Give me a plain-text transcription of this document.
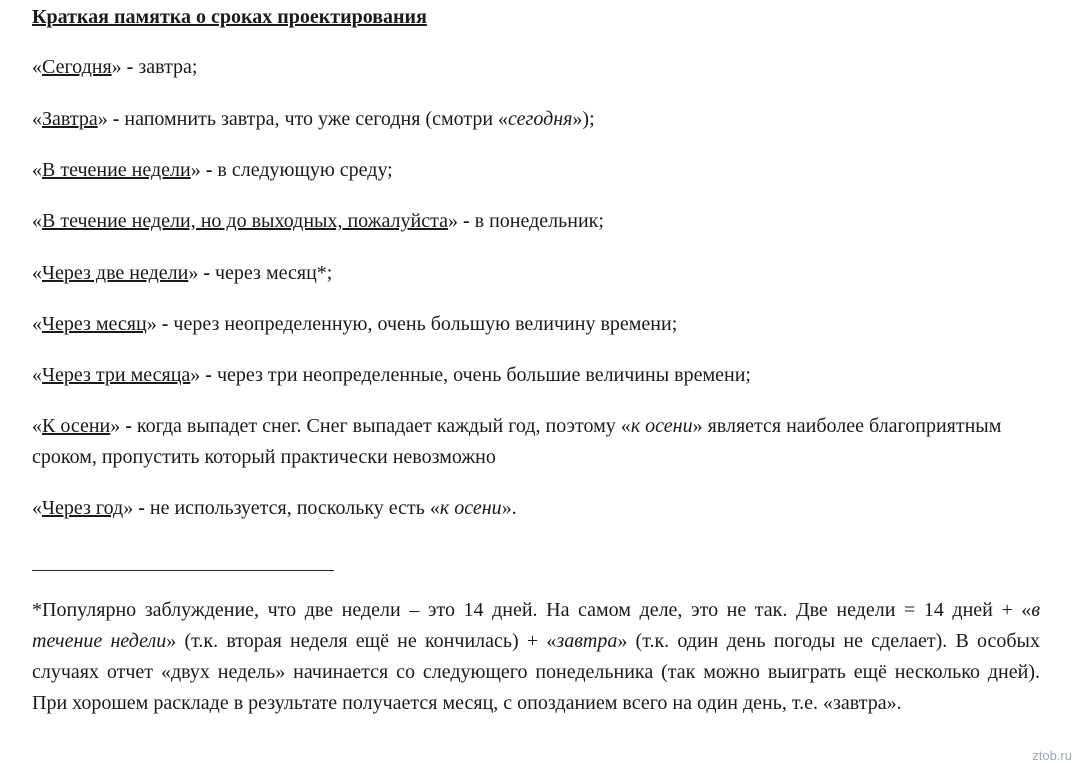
Краткая памятка о сроках проектирования
«Сегодня» - завтра;
«Завтра» - напомнить завтра, что уже сегодня (смотри «сегодня»);
«В течение недели» - в следующую среду;
«В течение недели, но до выходных, пожалуйста» - в понедельник;
«Через две недели» - через месяц*;
«Через месяц» - через неопределенную, очень большую величину времени;
«Через три месяца» - через три неопределенные, очень большие величины времени;
«К осени» - когда выпадет снег. Снег выпадает каждый год, поэтому «к осени» является наиболее благоприятным сроком, пропустить который практически невозможно
«Через год» - не используется, поскольку есть «к осени».
*Популярно заблуждение, что две недели – это 14 дней. На самом деле, это не так. Две недели = 14 дней + «в течение недели» (т.к. вторая неделя ещё не кончилась) + «завтра» (т.к. один день погоды не сделает). В особых случаях отчет «двух недель» начинается со следующего понедельника (так можно выиграть ещё несколько дней). При хорошем раскладе в результате получается месяц, с опозданием всего на один день, т.е. «завтра».
ztob.ru
